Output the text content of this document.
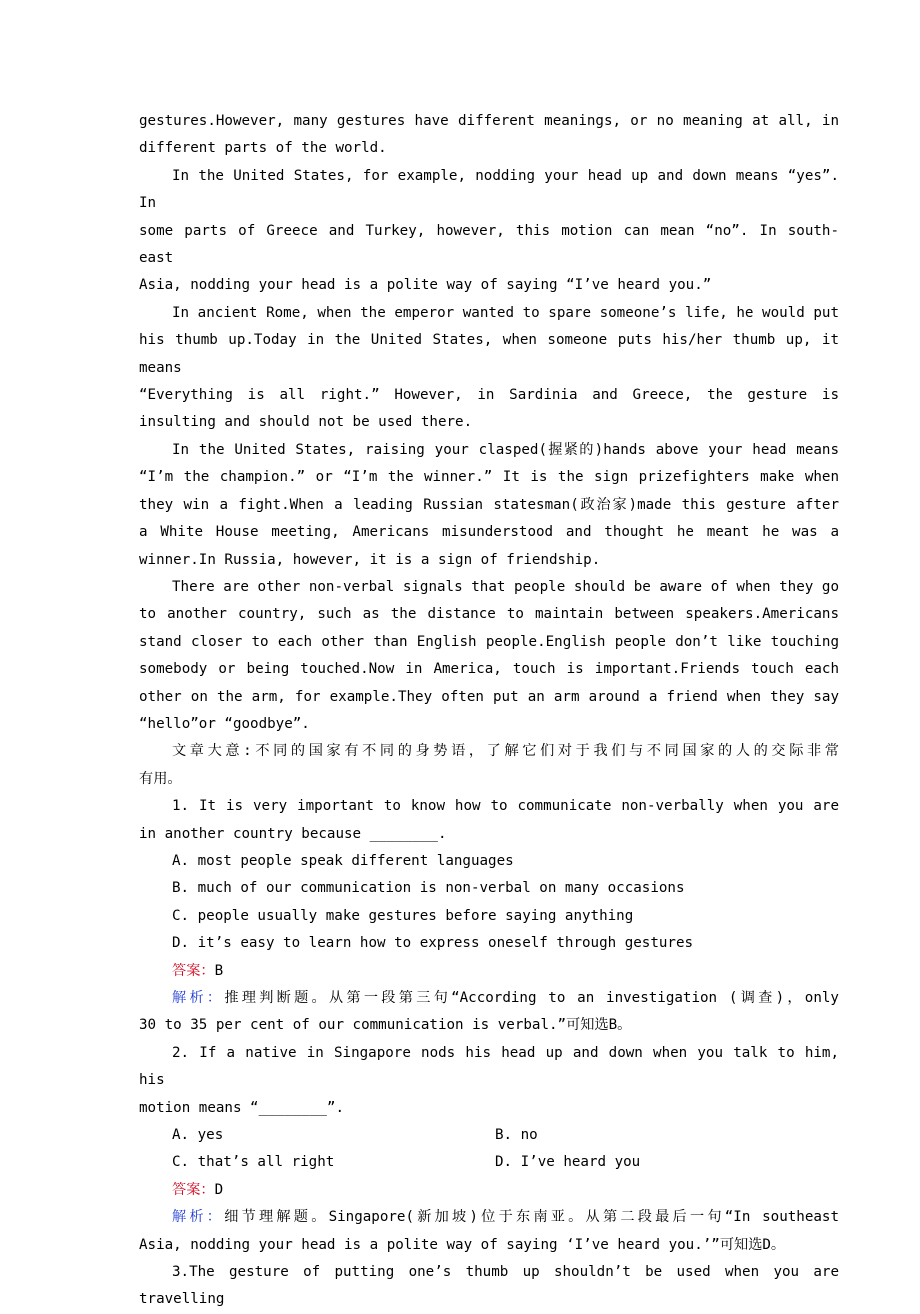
gestures.However, many gestures have different meanings, or no meaning at all, in
different parts of the world.
In the United States, for example, nodding your head up and down means “yes”. In
some parts of Greece and Turkey, however, this motion can mean “no”. In south-east
Asia, nodding your head is a polite way of saying “I’ve heard you.”
In ancient Rome, when the emperor wanted to spare someone’s life, he would put
his thumb up.Today in the United States, when someone puts his/her thumb up, it means
“Everything is all right.” However, in Sardinia and Greece, the gesture is
insulting and should not be used there.
In the United States, raising your clasped(握紧的)hands above your head means
“I’m the champion.” or “I’m the winner.” It is the sign prizefighters make when
they win a fight.When a leading Russian statesman(政治家)made this gesture after
a White House meeting, Americans misunderstood and thought he meant he was a
winner.In Russia, however, it is a sign of friendship.
There are other non-verbal signals that people should be aware of when they go
to another country, such as the distance to maintain between speakers.Americans
stand closer to each other than English people.English people don’t like touching
somebody or being touched.Now in America, touch is important.Friends touch each
other on the arm, for example.They often put an arm around a friend when they say
“hello”or “goodbye”.
文章大意:不同的国家有不同的身势语，了解它们对于我们与不同国家的人的交际非常
有用。
1. It is very important to know how to communicate non-verbally when you are
in another country because ________.
A. most people speak different languages
B. much of our communication is non-verbal on many occasions
C. people usually make gestures before saying anything
D. it’s easy to learn how to express oneself through gestures
答案：B
解析：推理判断题。从第一段第三句“According to an investigation (调查)，only
30 to 35 per cent of our communication is verbal.”可知选B。
2. If a native in Singapore nods his head up and down when you talk to him, his
motion means “________”.
A. yes	B. no
C. that’s all right	D. I’ve heard you
答案：D
解析：细节理解题。Singapore(新加坡)位于东南亚。从第二段最后一句“In southeast
Asia, nodding your head is a polite way of saying ‘I’ve heard you.’”可知选D。
3.The gesture of putting one’s thumb up shouldn’t be used when you are travelling
